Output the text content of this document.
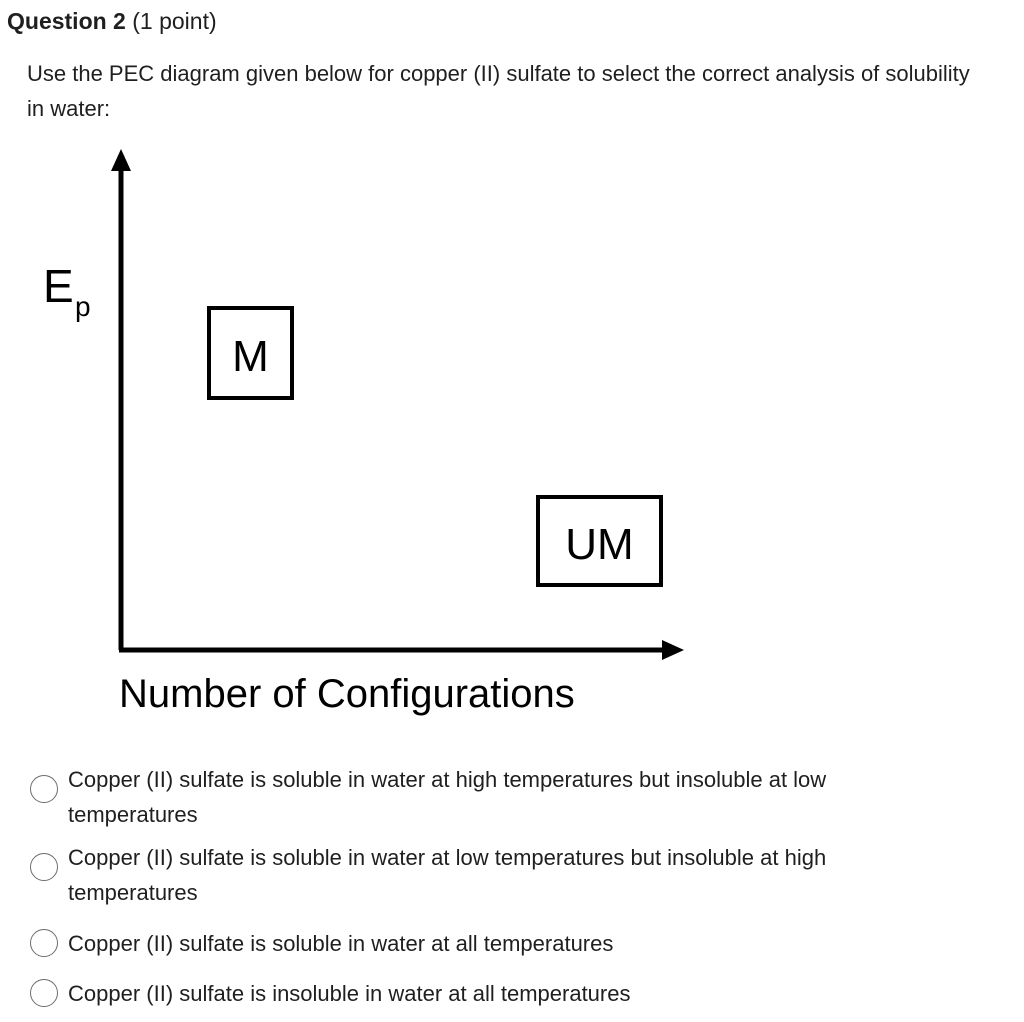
Question 2 (1 point)

Use the PEC diagram given below for copper (II) sulfate to select the correct analysis of solubility in water:

E p
M
UM
Number of Configurations
Copper (II) sulfate is soluble in water at high temperatures but insoluble at low temperatures
Copper (II) sulfate is soluble in water at low temperatures but insoluble at high temperatures
Copper (II) sulfate is soluble in water at all temperatures
Copper (II) sulfate is insoluble in water at all temperatures
